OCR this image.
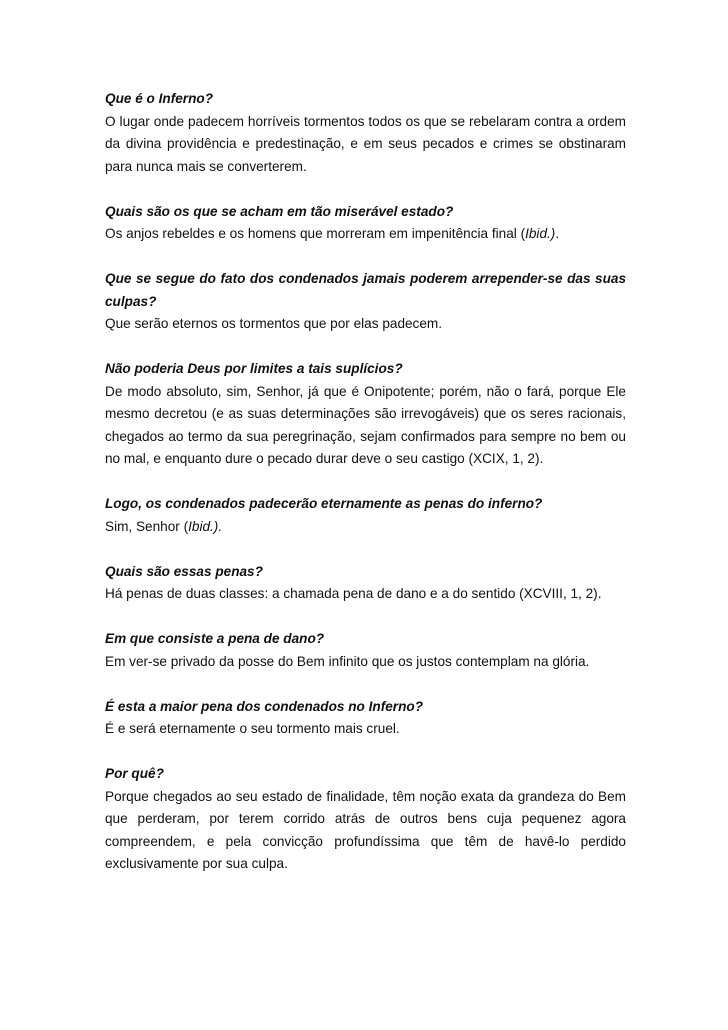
Que é o Inferno?

O lugar onde padecem horríveis tormentos todos os que se rebelaram contra a ordem da divina providência e predestinação, e em seus pecados e crimes se obstinaram para nunca mais se converterem.

Quais são os que se acham em tão miserável estado?

Os anjos rebeldes e os homens que morreram em impenitência final (Ibid.).

Que se segue do fato dos condenados jamais poderem arrepender-se das suas culpas?

Que serão eternos os tormentos que por elas padecem.

Não poderia Deus por limites a tais suplícios?

De modo absoluto, sim, Senhor, já que é Onipotente; porém, não o fará, porque Ele mesmo decretou (e as suas determinações são irrevogáveis) que os seres racionais, chegados ao termo da sua peregrinação, sejam confirmados para sempre no bem ou no mal, e enquanto dure o pecado durar deve o seu castigo (XCIX, 1, 2).

Logo, os condenados padecerão eternamente as penas do inferno?

Sim, Senhor (Ibid.).

Quais são essas penas?

Há penas de duas classes: a chamada pena de dano e a do sentido (XCVIII, 1, 2).

Em que consiste a pena de dano?

Em ver-se privado da posse do Bem infinito que os justos contemplam na glória.

É esta a maior pena dos condenados no Inferno?

É e será eternamente o seu tormento mais cruel.

Por quê?

Porque chegados ao seu estado de finalidade, têm noção exata da grandeza do Bem que perderam, por terem corrido atrás de outros bens cuja pequenez agora compreendem, e pela convicção profundíssima que têm de havê-lo perdido exclusivamente por sua culpa.
